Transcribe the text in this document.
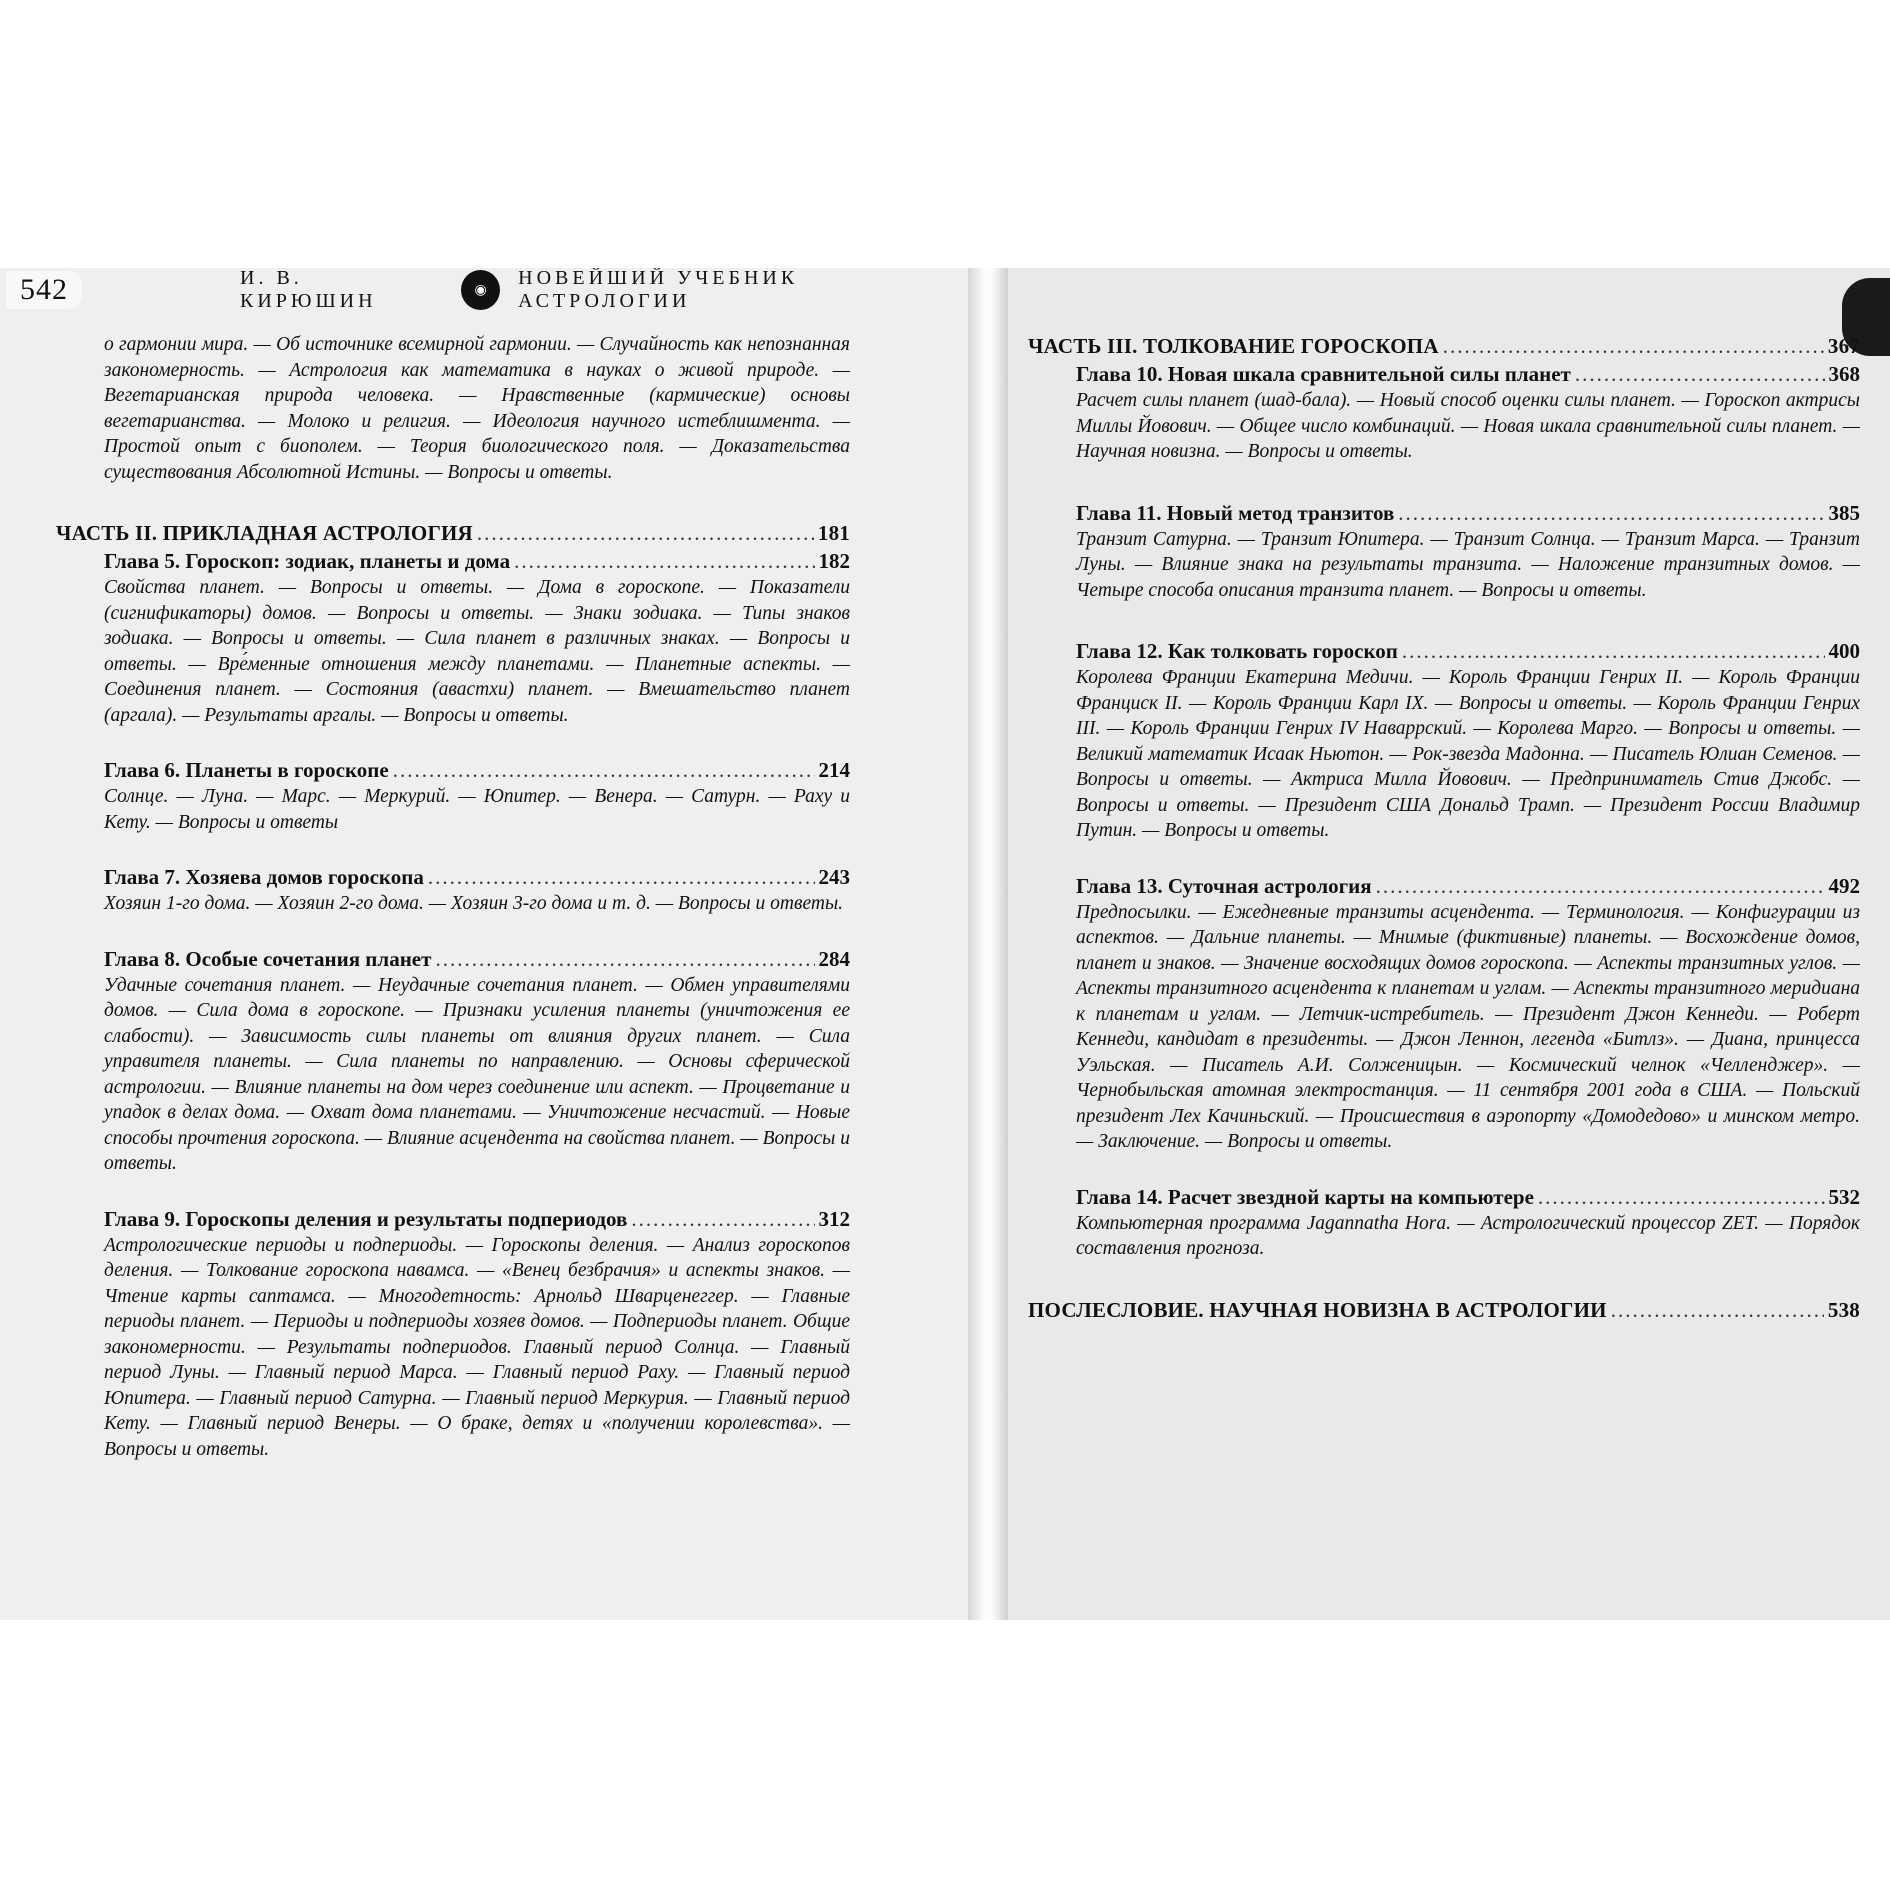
542	И. В. КИРЮШИН	◉
НОВЕЙШИЙ УЧЕБНИК АСТРОЛОГИИ

о гармонии мира. — Об источнике всемирной гармонии. — Случайность как непознанная закономерность. — Астрология как математика в науках о живой природе. — Вегетарианская природа человека. — Нравственные (кармические) основы вегетарианства. — Молоко и религия. — Идеология научного истеблишмента. — Простой опыт с биополем. — Теория биологического поля. — Доказательства существования Абсолютной Истины. — Вопросы и ответы.

ЧАСТЬ II. ПРИКЛАДНАЯ АСТРОЛОГИЯ .....	181
Глава 5. Гороскоп: зодиак, планеты и дома .....	182

Свойства планет. — Вопросы и ответы. — Дома в гороскопе. — Показатели (сигнификаторы) домов. — Вопросы и ответы. — Знаки зодиака. — Типы знаков зодиака. — Вопросы и ответы. — Сила планет в различных знаках. — Вопросы и ответы. — Вре́менные отношения между планетами. — Планетные аспекты. — Соединения планет. — Состояния (авастхи) планет. — Вмешательство планет (аргала). — Результаты аргалы. — Вопросы и ответы.

Глава 6. Планеты в гороскопе .....	214

Солнце. — Луна. — Марс. — Меркурий. — Юпитер. — Венера. — Сатурн. — Раху и Кету. — Вопросы и ответы

Глава 7. Хозяева домов гороскопа .....	243

Хозяин 1-го дома. — Хозяин 2-го дома. — Хозяин 3-го дома и т. д. — Вопросы и ответы.

Глава 8. Особые сочетания планет .....	284

Удачные сочетания планет. — Неудачные сочетания планет. — Обмен управителями домов. — Сила дома в гороскопе. — Признаки усиления планеты (уничтожения ее слабости). — Зависимость силы планеты от влияния других планет. — Сила управителя планеты. — Сила планеты по направлению. — Основы сферической астрологии. — Влияние планеты на дом через соединение или аспект. — Процветание и упадок в делах дома. — Охват дома планетами. — Уничтожение несчастий. — Новые способы прочтения гороскопа. — Влияние асцендента на свойства планет. — Вопросы и ответы.

Глава 9. Гороскопы деления и результаты подпериодов .....	312

Астрологические периоды и подпериоды. — Гороскопы деления. — Анализ гороскопов деления. — Толкование гороскопа навамса. — «Венец безбрачия» и аспекты знаков. — Чтение карты саптамса. — Многодетность: Арнольд Шварценеггер. — Главные периоды планет. — Периоды и подпериоды хозяев домов. — Подпериоды планет. Общие закономерности. — Результаты подпериодов. Главный период Солнца. — Главный период Луны. — Главный период Марса. — Главный период Раху. — Главный период Юпитера. — Главный период Сатурна. — Главный период Меркурия. — Главный период Кету. — Главный период Венеры. — О браке, детях и «получении королевства». — Вопросы и ответы.

ЧАСТЬ III. ТОЛКОВАНИЕ ГОРОСКОПА .....	367
Глава 10. Новая шкала сравнительной силы планет .....	368

Расчет силы планет (шад-бала). — Новый способ оценки силы планет. — Гороскоп актрисы Миллы Йовович. — Общее число комбинаций. — Новая шкала сравнительной силы планет. — Научная новизна. — Вопросы и ответы.

Глава 11. Новый метод транзитов .....	385

Транзит Сатурна. — Транзит Юпитера. — Транзит Солнца. — Транзит Марса. — Транзит Луны. — Влияние знака на результаты транзита. — Наложение транзитных домов. — Четыре способа описания транзита планет. — Вопросы и ответы.

Глава 12. Как толковать гороскоп .....	400

Королева Франции Екатерина Медичи. — Король Франции Генрих II. — Король Франции Франциск II. — Король Франции Карл IX. — Вопросы и ответы. — Король Франции Генрих III. — Король Франции Генрих IV Наваррский. — Королева Марго. — Вопросы и ответы. — Великий математик Исаак Ньютон. — Рок-звезда Мадонна. — Писатель Юлиан Семенов. — Вопросы и ответы. — Актриса Милла Йовович. — Предприниматель Стив Джобс. — Вопросы и ответы. — Президент США Дональд Трамп. — Президент России Владимир Путин. — Вопросы и ответы.

Глава 13. Суточная астрология .....	492

Предпосылки. — Ежедневные транзиты асцендента. — Терминология. — Конфигурации из аспектов. — Дальние планеты. — Мнимые (фиктивные) планеты. — Восхождение домов, планет и знаков. — Значение восходящих домов гороскопа. — Аспекты транзитных углов. — Аспекты транзитного асцендента к планетам и углам. — Аспекты транзитного меридиана к планетам и углам. — Летчик-истребитель. — Президент Джон Кеннеди. — Роберт Кеннеди, кандидат в президенты. — Джон Леннон, легенда «Битлз». — Диана, принцесса Уэльская. — Писатель А.И. Солженицын. — Космический челнок «Челленджер». — Чернобыльская атомная электростанция. — 11 сентября 2001 года в США. — Польский президент Лех Качиньский. — Происшествия в аэропорту «Домодедово» и минском метро. — Заключение. — Вопросы и ответы.

Глава 14. Расчет звездной карты на компьютере .....	532

Компьютерная программа Jagannatha Hora. — Астрологический процессор ZET. — Порядок составления прогноза.

ПОСЛЕСЛОВИЕ. НАУЧНАЯ НОВИЗНА В АСТРОЛОГИИ .....	538
